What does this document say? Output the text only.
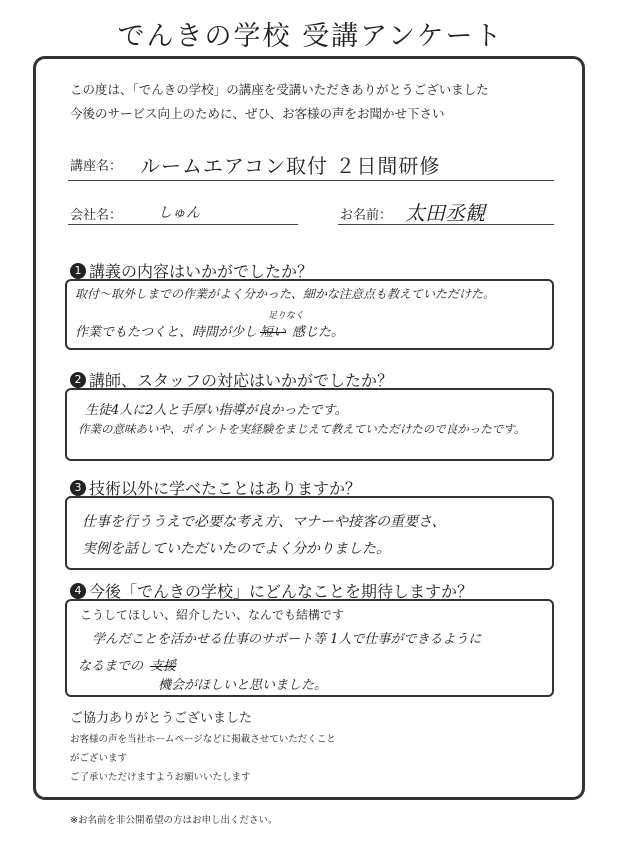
でんきの学校 受講アンケート
この度は、「でんきの学校」の講座を受講いただきありがとうございました
今後のサービス向上のために、ぜひ、お客様の声をお聞かせ下さい
講座名： ルームエアコン取付 ２日間研修
会社名：	しゅん	お名前： 太田丞観
1 講義の内容はいかがでしたか？
取付～取外しまでの作業がよく分かった、細かな注意点も教えていただけた。
足りなく
作業でもたつくと、時間が少し 短い 感じた。
2 講師、スタッフの対応はいかがでしたか？
生徒4人に2人と手厚い指導が良かったです。
作業の意味あいや、ポイントを実経験をまじえて教えていただけたので良かったです。
3 技術以外に学べたことはありますか？
仕事を行ううえで必要な考え方、マナーや接客の重要さ、
実例を話していただいたのでよく分かりました。
4 今後「でんきの学校」にどんなことを期待しますか？
こうしてほしい、紹介したい、なんでも結構です
学んだことを活かせる仕事のサポート等 1人で仕事ができるように
なるまでの 支援
機会がほしいと思いました。
ご協力ありがとうございました
お客様の声を当社ホームページなどに掲載させていただくこと
がございます
ご了承いただけますようお願いいたします
※お名前を非公開希望の方はお申し出ください。
